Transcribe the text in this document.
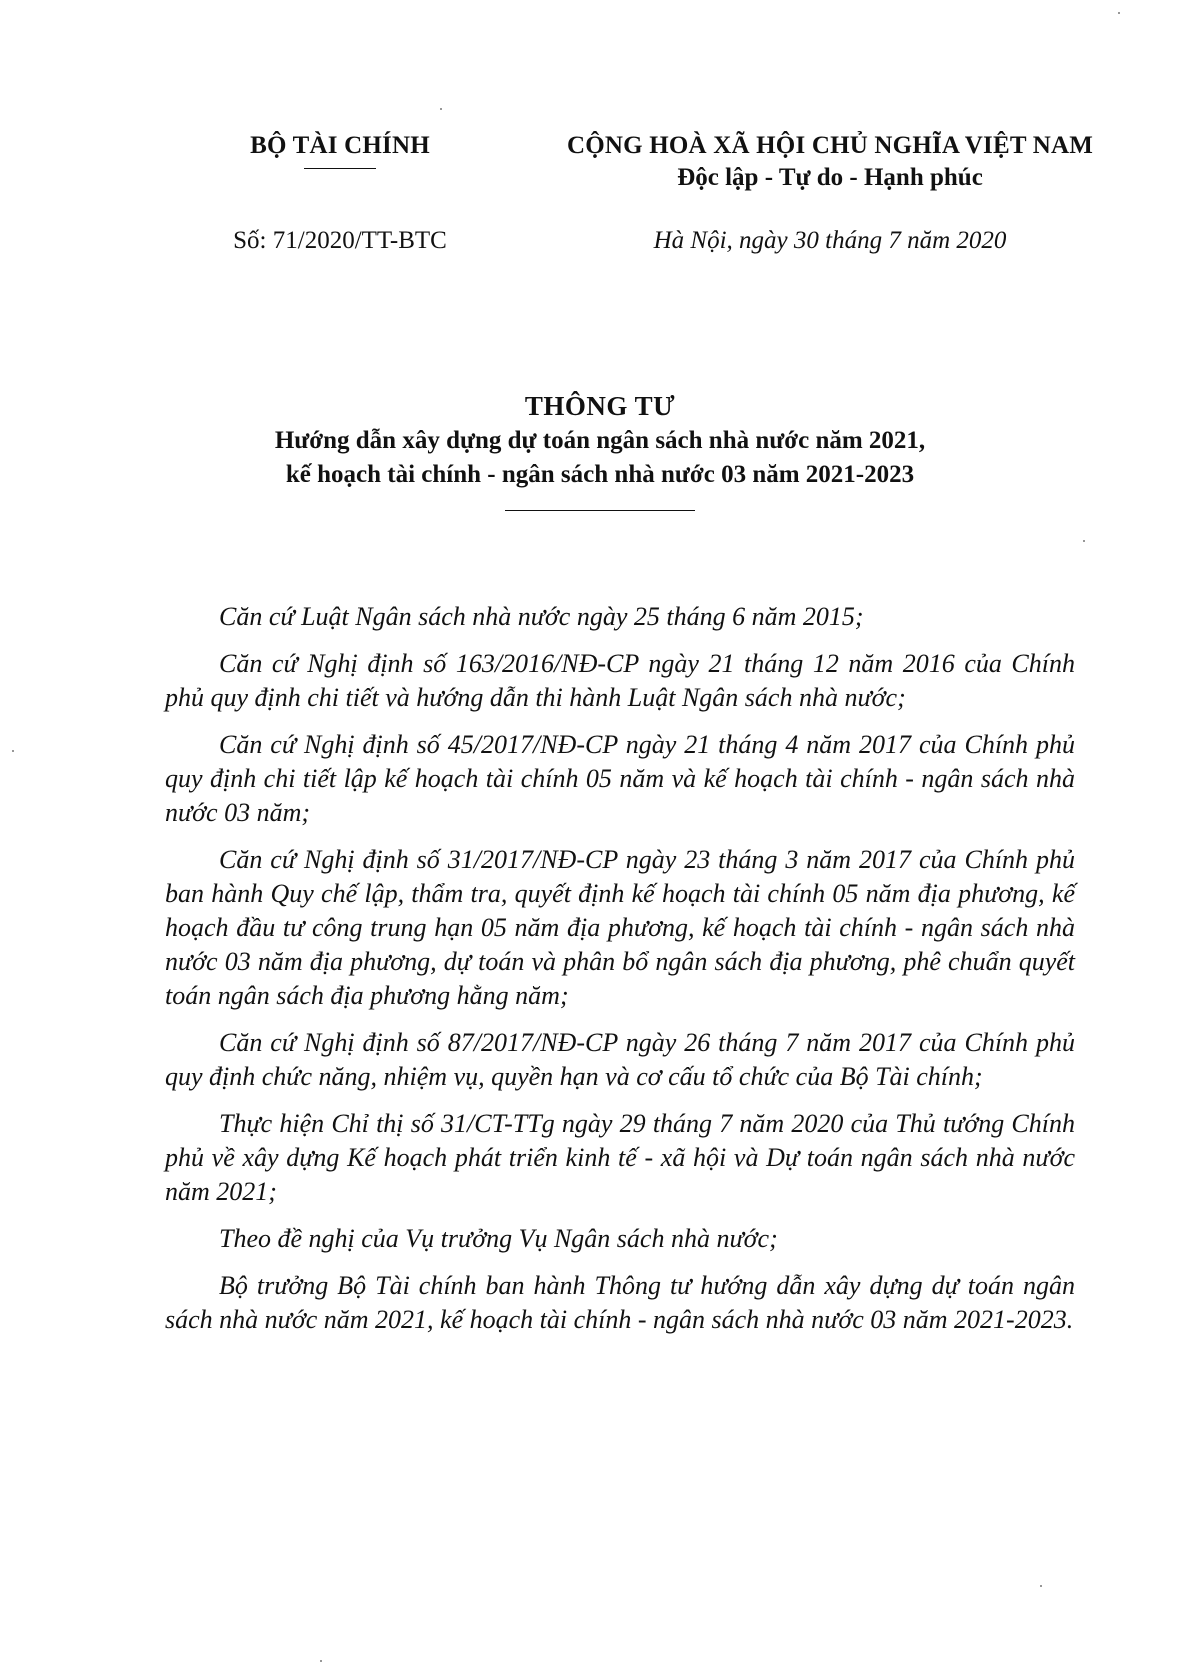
BỘ TÀI CHÍNH	CỘNG HOÀ XÃ HỘI CHỦ NGHĨA VIỆT NAM
Độc lập - Tự do - Hạnh phúc
Số: 71/2020/TT-BTC	Hà Nội, ngày 30 tháng 7 năm 2020
THÔNG TƯ
Hướng dẫn xây dựng dự toán ngân sách nhà nước năm 2021,
kế hoạch tài chính - ngân sách nhà nước 03 năm 2021-2023

Căn cứ Luật Ngân sách nhà nước ngày 25 tháng 6 năm 2015;

Căn cứ Nghị định số 163/2016/NĐ-CP ngày 21 tháng 12 năm 2016 của Chính phủ quy định chi tiết và hướng dẫn thi hành Luật Ngân sách nhà nước;

Căn cứ Nghị định số 45/2017/NĐ-CP ngày 21 tháng 4 năm 2017 của Chính phủ quy định chi tiết lập kế hoạch tài chính 05 năm và kế hoạch tài chính - ngân sách nhà nước 03 năm;

Căn cứ Nghị định số 31/2017/NĐ-CP ngày 23 tháng 3 năm 2017 của Chính phủ ban hành Quy chế lập, thẩm tra, quyết định kế hoạch tài chính 05 năm địa phương, kế hoạch đầu tư công trung hạn 05 năm địa phương, kế hoạch tài chính - ngân sách nhà nước 03 năm địa phương, dự toán và phân bổ ngân sách địa phương, phê chuẩn quyết toán ngân sách địa phương hằng năm;

Căn cứ Nghị định số 87/2017/NĐ-CP ngày 26 tháng 7 năm 2017 của Chính phủ quy định chức năng, nhiệm vụ, quyền hạn và cơ cấu tổ chức của Bộ Tài chính;

Thực hiện Chỉ thị số 31/CT-TTg ngày 29 tháng 7 năm 2020 của Thủ tướng Chính phủ về xây dựng Kế hoạch phát triển kinh tế - xã hội và Dự toán ngân sách nhà nước năm 2021;

Theo đề nghị của Vụ trưởng Vụ Ngân sách nhà nước;

Bộ trưởng Bộ Tài chính ban hành Thông tư hướng dẫn xây dựng dự toán ngân sách nhà nước năm 2021, kế hoạch tài chính - ngân sách nhà nước 03 năm 2021-2023.
